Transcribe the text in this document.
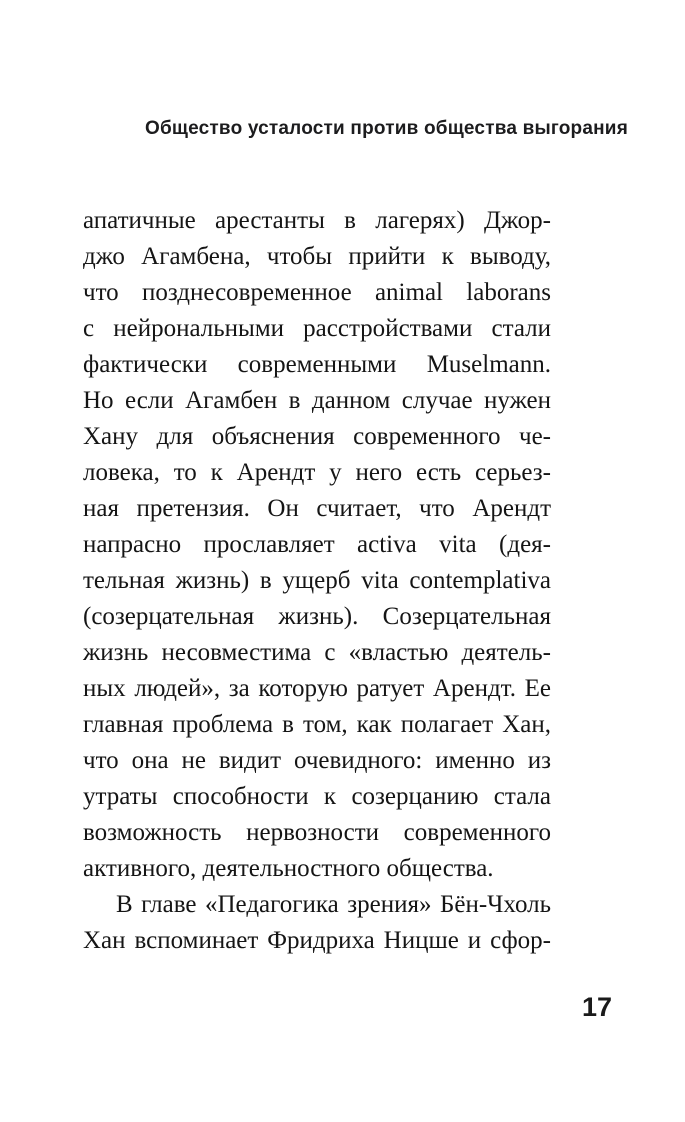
Общество усталости против общества выгорания
апатичные арестанты в лагерях) Джор-
джо Агамбена, чтобы прийти к выводу,
что позднесовременное animal laborans
с нейрональными расстройствами стали
фактически современными Muselmann.
Но если Агамбен в данном случае нужен
Хану для объяснения современного че-
ловека, то к Арендт у него есть серьез-
ная претензия. Он считает, что Арендт
напрасно прославляет activa vita (дея-
тельная жизнь) в ущерб vita contemplativa
(созерцательная жизнь). Созерцательная
жизнь несовместима с «властью деятель-
ных людей», за которую ратует Арендт. Ее
главная проблема в том, как полагает Хан,
что она не видит очевидного: именно из
утраты способности к созерцанию стала
возможность нервозности современного
активного, деятельностного общества.
В главе «Педагогика зрения» Бён-Чхоль
Хан вспоминает Фридриха Ницше и сфор-
17
